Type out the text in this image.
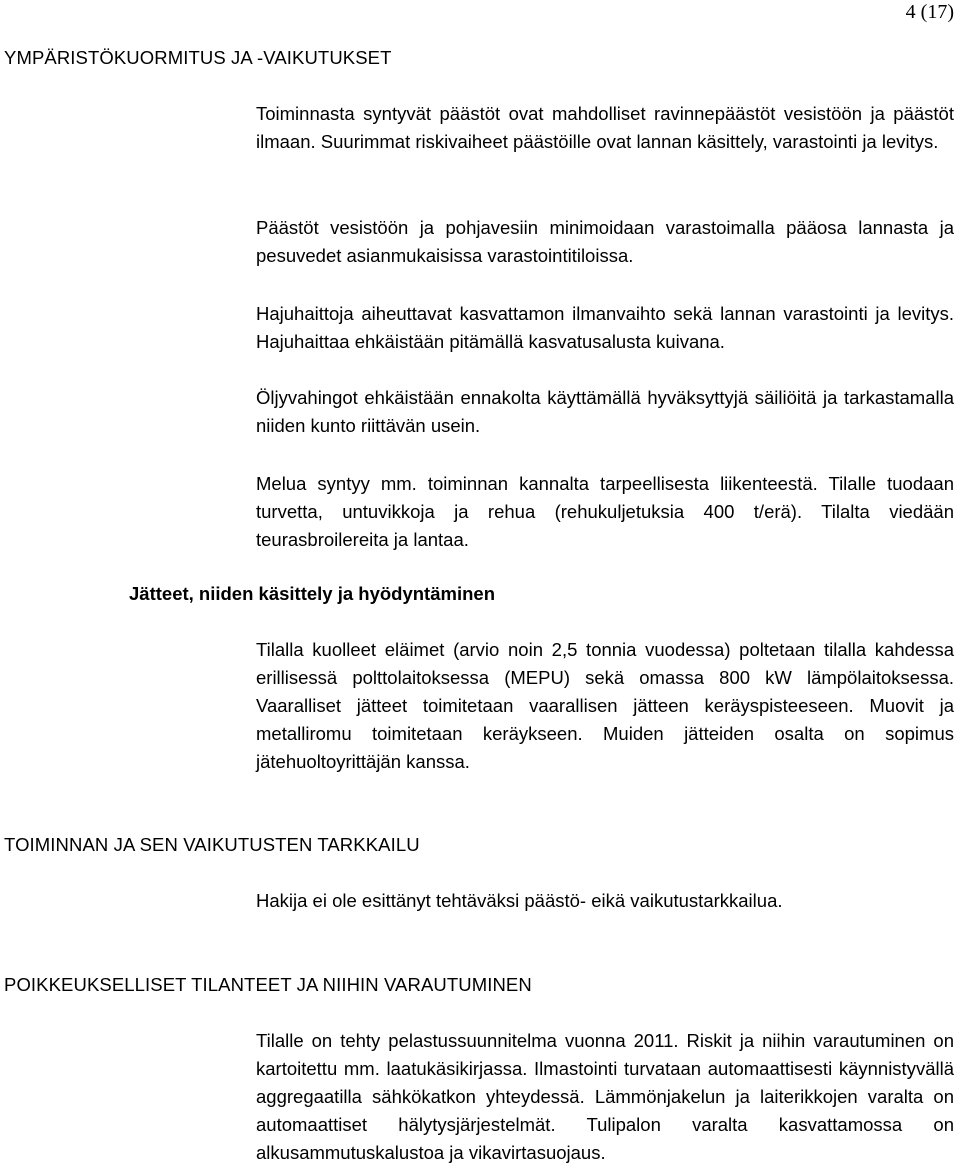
4 (17)
YMPÄRISTÖKUORMITUS JA -VAIKUTUKSET

Toiminnasta syntyvät päästöt ovat mahdolliset ravinnepäästöt vesistöön ja päästöt ilmaan. Suurimmat riskivaiheet päästöille ovat lannan käsittely, varastointi ja levitys.

Päästöt vesistöön ja pohjavesiin minimoidaan varastoimalla pääosa lannasta ja pesuvedet asianmukaisissa varastointitiloissa.

Hajuhaittoja aiheuttavat kasvattamon ilmanvaihto sekä lannan varastointi ja levitys. Hajuhaittaa ehkäistään pitämällä kasvatusalusta kuivana.

Öljyvahingot ehkäistään ennakolta käyttämällä hyväksyttyjä säiliöitä ja tarkastamalla niiden kunto riittävän usein.

Melua syntyy mm. toiminnan kannalta tarpeellisesta liikenteestä. Tilalle tuodaan turvetta, untuvikkoja ja rehua (rehukuljetuksia 400 t/erä). Tilalta viedään teurasbroilereita ja lantaa.

Jätteet, niiden käsittely ja hyödyntäminen

Tilalla kuolleet eläimet (arvio noin 2,5 tonnia vuodessa) poltetaan tilalla kahdessa erillisessä polttolaitoksessa (MEPU) sekä omassa 800 kW lämpölaitoksessa. Vaaralliset jätteet toimitetaan vaarallisen jätteen keräyspisteeseen. Muovit ja metalliromu toimitetaan keräykseen. Muiden jätteiden osalta on sopimus jätehuoltoyrittäjän kanssa.

TOIMINNAN JA SEN VAIKUTUSTEN TARKKAILU

Hakija ei ole esittänyt tehtäväksi päästö- eikä vaikutustarkkailua.

POIKKEUKSELLISET TILANTEET JA NIIHIN VARAUTUMINEN

Tilalle on tehty pelastussuunnitelma vuonna 2011. Riskit ja niihin varautuminen on kartoitettu mm. laatukäsikirjassa. Ilmastointi turvataan automaattisesti käynnistyvällä aggregaatilla sähkökatkon yhteydessä. Lämmönjakelun ja laiterikkojen varalta on automaattiset hälytysjärjestelmät. Tulipalon varalta kasvattamossa on alkusammutuskalustoa ja vikavirtasuojaus.
